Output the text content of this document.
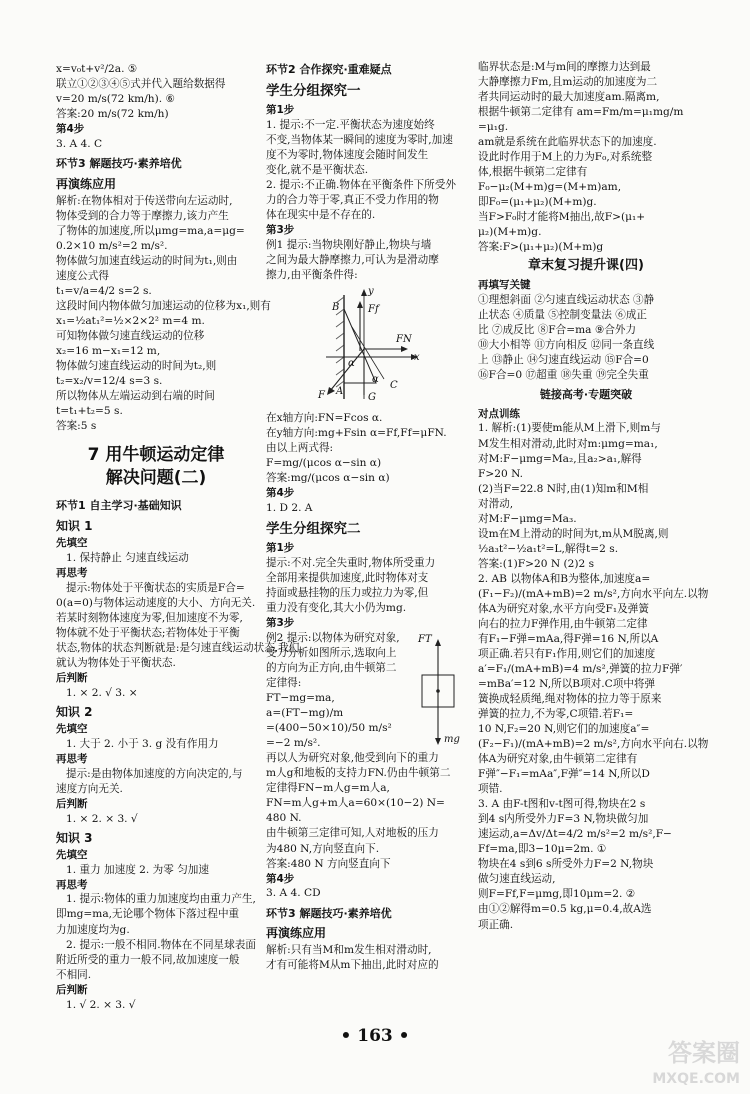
x=v₀t+v²/2a. ⑤
联立①②③④⑤式并代入题给数据得
v=20 m/s(72 km/h). ⑥
答案:20 m/s(72 km/h)
第4步
3. A 4. C
环节3 解题技巧·素养培优
再演练应用
解析:在物体相对于传送带向左运动时,
物体受到的合力等于摩擦力,该力产生
了物体的加速度,所以μmg=ma,a=μg=
0.2×10 m/s²=2 m/s².
物体做匀加速直线运动的时间为t₁,则由
速度公式得
t₁=v/a=4/2 s=2 s.
这段时间内物体做匀加速运动的位移为x₁,则有
x₁=½at₁²=½×2×2² m=4 m.
可知物体做匀速直线运动的位移
x₂=16 m−x₁=12 m,
物体做匀速直线运动的时间为t₂,则
t₂=x₂/v=12/4 s=3 s.
所以物体从左端运动到右端的时间
t=t₁+t₂=5 s.
答案:5 s
7 用牛顿运动定律
解决问题(二)
环节1 自主学习·基础知识
知识 1
先填空
1. 保持静止 匀速直线运动
再思考
提示:物体处于平衡状态的实质是F合=
0(a=0)与物体运动速度的大小、方向无关.
若某时刻物体速度为零,但加速度不为零,
物体就不处于平衡状态;若物体处于平衡
状态,物体的状态判断就是:是匀速直线运动状态,我们
就认为物体处于平衡状态.
后判断
1. × 2. √ 3. ×
知识 2
先填空
1. 大于 2. 小于 3. g 没有作用力
再思考
提示:是由物体加速度的方向决定的,与
速度方向无关.
后判断
1. × 2. × 3. √
知识 3
先填空
1. 重力 加速度 2. 为零 匀加速
再思考
1. 提示:物体的重力加速度均由重力产生,
即mg=ma,无论哪个物体下落过程中重
力加速度均为g.
2. 提示:一般不相同.物体在不同星球表面
附近所受的重力一般不同,故加速度一般
不相同.
后判断
1. √ 2. × 3. √
环节2 合作探究·重难疑点
学生分组探究一
第1步
1. 提示:不一定.平衡状态为速度始终
不变,当物体某一瞬间的速度为零时,加速
度不为零时,物体速度会随时间发生
变化,就不是平衡状态.
2. 提示:不正确.物体在平衡条件下所受外
力的合力等于零,真正不受力作用的物
体在现实中是不存在的.
第3步
例1 提示:当物块刚好静止,物块与墙
之间为最大静摩擦力,可认为是滑动摩
擦力,由平衡条件得:
y
Ff
B
FN
x
α
α
F A
C
G
在x轴方向:FN=Fcos α.
在y轴方向:mg+Fsin α=Ff,Ff=μFN.
由以上两式得:
F=mg/(μcos α−sin α)
答案:mg/(μcos α−sin α)
第4步
1. D 2. A
学生分组探究二
第1步
提示:不对.完全失重时,物体所受重力
全部用来提供加速度,此时物体对支
持面或悬挂物的压力或拉力为零,但
重力没有变化,其大小仍为mg.
第3步
例2 提示:以物体为研究对象,
受力分析如图所示,选取向上
的方向为正方向,由牛顿第二
定律得:
FT−mg=ma,
a=(FT−mg)/m
=(400−50×10)/50 m/s²
=−2 m/s².
FT
mg
再以人为研究对象,他受到向下的重力
m人g和地板的支持力FN.仍由牛顿第二
定律得FN−m人g=m人a,
FN=m人g+m人a=60×(10−2) N=
480 N.
由牛顿第三定律可知,人对地板的压力
为480 N,方向竖直向下.
答案:480 N 方向竖直向下
第4步
3. A 4. CD
环节3 解题技巧·素养培优
再演练应用
解析:只有当M和m发生相对滑动时,
才有可能将M从m下抽出,此时对应的
临界状态是:M与m间的摩擦力达到最
大静摩擦力Fm,且m运动的加速度为二
者共同运动时的最大加速度am.隔离m,
根据牛顿第二定律有 am=Fm/m=μ₁mg/m
=μ₁g.
am就是系统在此临界状态下的加速度.
设此时作用于M上的力为F₀,对系统整
体,根据牛顿第二定律有
F₀−μ₂(M+m)g=(M+m)am,
即F₀=(μ₁+μ₂)(M+m)g.
当F>F₀时才能将M抽出,故F>(μ₁+
μ₂)(M+m)g.
答案:F>(μ₁+μ₂)(M+m)g
章末复习提升课(四)
再填写关键
①理想斜面 ②匀速直线运动状态 ③静
止状态 ④质量 ⑤控制变量法 ⑥成正
比 ⑦成反比 ⑧F合=ma ⑨合外力
⑩大小相等 ⑪方向相反 ⑫同一条直线
上 ⑬静止 ⑭匀速直线运动 ⑮F合=0
⑯F合=0 ⑰超重 ⑱失重 ⑲完全失重
链接高考·专题突破
对点训练
1. 解析:(1)要使m能从M上滑下,则m与
M发生相对滑动,此时对m:μmg=ma₁,
对M:F−μmg=Ma₂,且a₂>a₁,解得
F>20 N.
(2)当F=22.8 N时,由(1)知m和M相
对滑动,
对M:F−μmg=Ma₃.
设m在M上滑动的时间为t,m从M脱离,则
½a₃t²−½a₁t²=L,解得t=2 s.
答案:(1)F>20 N (2)2 s
2. AB 以物体A和B为整体,加速度a=
(F₁−F₂)/(mA+mB)=2 m/s²,方向水平向左.以物
体A为研究对象,水平方向受F₁及弹簧
向右的拉力F弹作用,由牛顿第二定律
有F₁−F弹=mAa,得F弹=16 N,所以A
项正确.若只有F₁作用,则它们的加速度
a′=F₁/(mA+mB)=4 m/s²,弹簧的拉力F弹′
=mBa′=12 N,所以B项对.C项中将弹
簧换成轻质绳,绳对物体的拉力等于原来
弹簧的拉力,不为零,C项错.若F₁=
10 N,F₂=20 N,则它们的加速度a″=
(F₂−F₁)/(mA+mB)=2 m/s²,方向水平向右.以物
体A为研究对象,由牛顿第二定律有
F弹″−F₁=mAa″,F弹″=14 N,所以D
项错.
3. A 由F-t图和v-t图可得,物块在2 s
到4 s内所受外力F=3 N,物块做匀加
速运动,a=Δv/Δt=4/2 m/s²=2 m/s²,F−
Ff=ma,即3−10μ=2m. ①
物块在4 s到6 s所受外力F=2 N,物块
做匀速直线运动,
则F=Ff,F=μmg,即10μm=2. ②
由①②解得m=0.5 kg,μ=0.4,故A选
项正确.
• 163 •
答案圈
MXQE.COM
